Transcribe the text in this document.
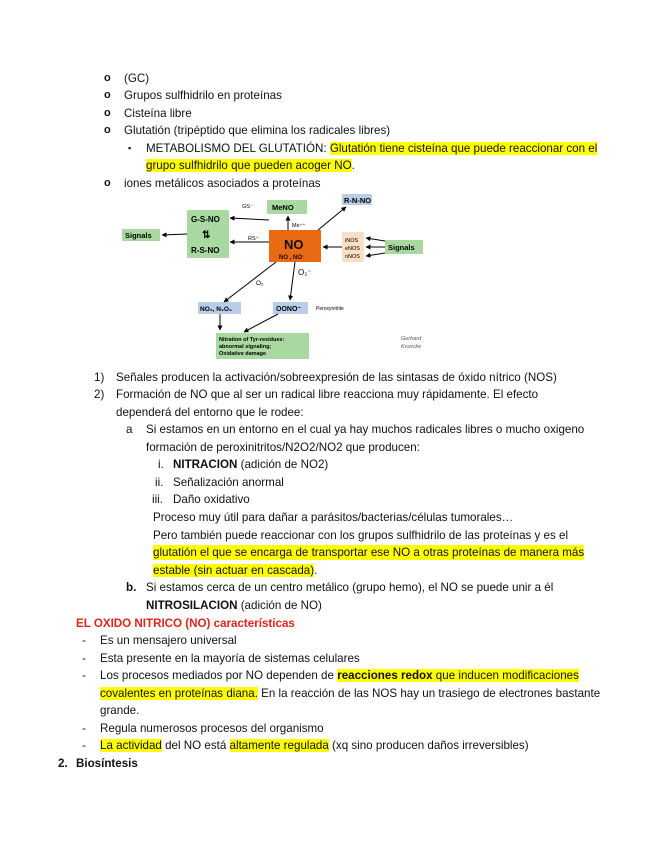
o (GC)
o Grupos sulfhidrilo en proteínas
o Cisteína libre
o Glutatión (tripéptido que elimina los radicales libres)
▪ METABOLISMO DEL GLUTATIÓN: Glutatión tiene cisteína que puede reaccionar con el
grupo sulfhidrilo que pueden acoger NO.
o iones metálicos asociados a proteínas
G-S-NO
⇅
R-S-NO
Signals
GS⁻
RS⁺
MeNO
Me⁺⁺
NO
NO , NO⁻
R-N-NO
iNOS
eNOS
nNOS
Signals
O₂
O₂⁻
NO₂, N₂O₃	OONO⁻	Peroxynitrite
Nitration of Tyr-residues:
abnormal signaling;
Oxidative damage
Gerhard
Kroncke
1) Señales producen la activación/sobreexpresión de las sintasas de óxido nítrico (NOS)
2) Formación de NO que al ser un radical libre reacciona muy rápidamente. El efecto
dependerá del entorno que le rodee:
a Si estamos en un entorno en el cual ya hay muchos radicales libres o mucho oxigeno
formación de peroxinitritos/N2O2/NO2 que producen:
i. NITRACION (adición de NO2)
ii. Señalización anormal
iii. Daño oxidativo
Proceso muy útil para dañar a parásitos/bacterias/células tumorales…
Pero también puede reaccionar con los grupos sulfhidrilo de las proteínas y es el
glutatión el que se encarga de transportar ese NO a otras proteínas de manera más
estable (sin actuar en cascada).
b. Si estamos cerca de un centro metálico (grupo hemo), el NO se puede unir a él
NITROSILACION (adición de NO)
EL OXIDO NITRICO (NO) características
- Es un mensajero universal
- Esta presente en la mayoría de sistemas celulares
- Los procesos mediados por NO dependen de reacciones redox que inducen modificaciones
covalentes en proteínas diana. En la reacción de las NOS hay un trasiego de electrones bastante
grande.
- Regula numerosos procesos del organismo
- La actividad del NO está altamente regulada (xq sino producen daños irreversibles)
2. Biosíntesis
